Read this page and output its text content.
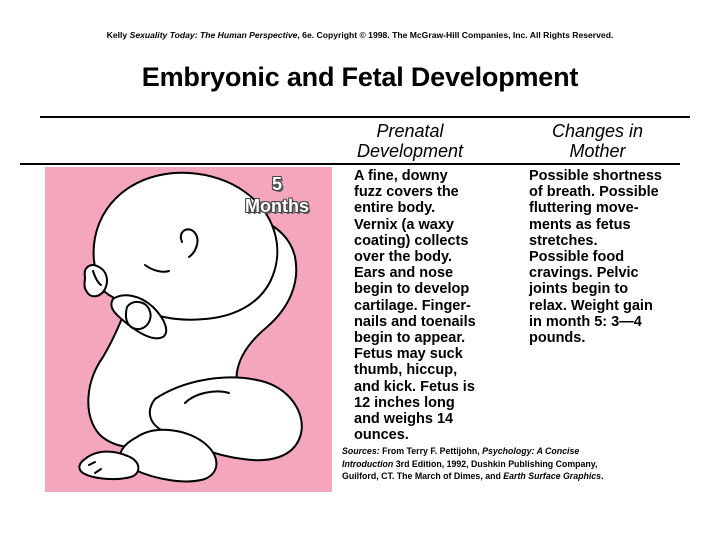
Kelly Sexuality Today: The Human Perspective, 6e. Copyright © 1998. The McGraw-Hill Companies, Inc. All Rights Reserved.
Embryonic and Fetal Development
Prenatal
Development
Changes in
Mother
5
Months
A fine, downy
fuzz covers the
entire body.
Vernix (a waxy
coating) collects
over the body.
Ears and nose
begin to develop
cartilage. Finger-
nails and toenails
begin to appear.
Fetus may suck
thumb, hiccup,
and kick. Fetus is
12 inches long
and weighs 14
ounces.
Possible shortness
of breath. Possible
fluttering move-
ments as fetus
stretches.
Possible food
cravings. Pelvic
joints begin to
relax. Weight gain
in month 5: 3—4
pounds.
Sources: From Terry F. Pettijohn, Psychology: A Concise Introduction 3rd Edition, 1992, Dushkin Publishing Company, Guilford, CT. The March of Dimes, and Earth Surface Graphics.
